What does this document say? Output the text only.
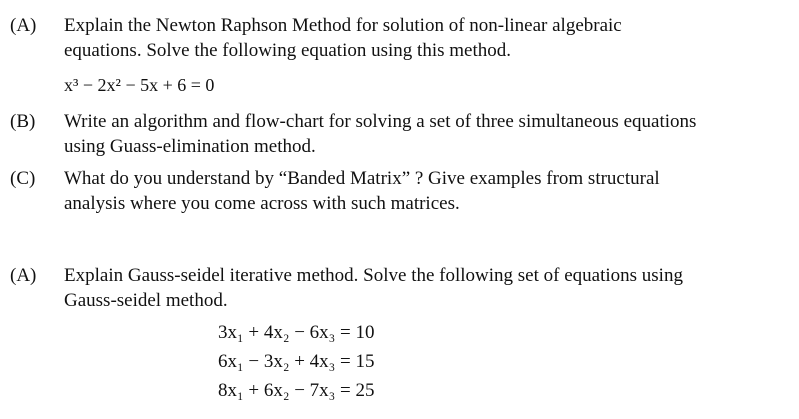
(A) Explain the Newton Raphson Method for solution of non-linear algebraic
equations. Solve the following equation using this method.
x³ − 2x² − 5x + 6 = 0
(B) Write an algorithm and flow-chart for solving a set of three simultaneous equations
using Guass-elimination method.
(C) What do you understand by “Banded Matrix” ? Give examples from structural
analysis where you come across with such matrices.
(A) Explain Gauss-seidel iterative method. Solve the following set of equations using
Gauss-seidel method.
3x₁ + 4x₂ − 6x₃ = 10
6x₁ − 3x₂ + 4x₃ = 15
8x₁ + 6x₂ − 7x₃ = 25
